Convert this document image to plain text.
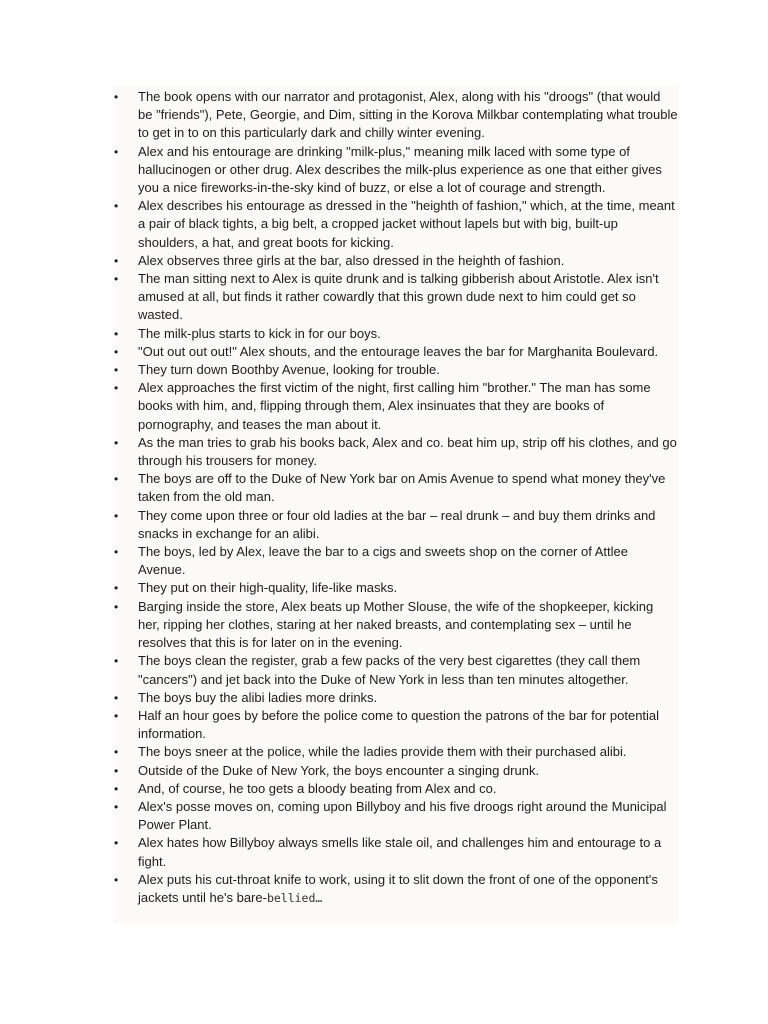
• The book opens with our narrator and protagonist, Alex, along with his "droogs" (that would be "friends"), Pete, Georgie, and Dim, sitting in the Korova Milkbar contemplating what trouble to get in to on this particularly dark and chilly winter evening.
• Alex and his entourage are drinking "milk-plus," meaning milk laced with some type of hallucinogen or other drug. Alex describes the milk-plus experience as one that either gives you a nice fireworks-in-the-sky kind of buzz, or else a lot of courage and strength.
• Alex describes his entourage as dressed in the "heighth of fashion," which, at the time, meant a pair of black tights, a big belt, a cropped jacket without lapels but with big, built-up shoulders, a hat, and great boots for kicking.
• Alex observes three girls at the bar, also dressed in the heighth of fashion.
• The man sitting next to Alex is quite drunk and is talking gibberish about Aristotle. Alex isn't amused at all, but finds it rather cowardly that this grown dude next to him could get so wasted.
• The milk-plus starts to kick in for our boys.
• "Out out out out!" Alex shouts, and the entourage leaves the bar for Marghanita Boulevard.
• They turn down Boothby Avenue, looking for trouble.
• Alex approaches the first victim of the night, first calling him "brother." The man has some books with him, and, flipping through them, Alex insinuates that they are books of pornography, and teases the man about it.
• As the man tries to grab his books back, Alex and co. beat him up, strip off his clothes, and go through his trousers for money.
• The boys are off to the Duke of New York bar on Amis Avenue to spend what money they've taken from the old man.
• They come upon three or four old ladies at the bar – real drunk – and buy them drinks and snacks in exchange for an alibi.
• The boys, led by Alex, leave the bar to a cigs and sweets shop on the corner of Attlee Avenue.
• They put on their high-quality, life-like masks.
• Barging inside the store, Alex beats up Mother Slouse, the wife of the shopkeeper, kicking her, ripping her clothes, staring at her naked breasts, and contemplating sex – until he resolves that this is for later on in the evening.
• The boys clean the register, grab a few packs of the very best cigarettes (they call them "cancers") and jet back into the Duke of New York in less than ten minutes altogether.
• The boys buy the alibi ladies more drinks.
• Half an hour goes by before the police come to question the patrons of the bar for potential information.
• The boys sneer at the police, while the ladies provide them with their purchased alibi.
• Outside of the Duke of New York, the boys encounter a singing drunk.
• And, of course, he too gets a bloody beating from Alex and co.
• Alex's posse moves on, coming upon Billyboy and his five droogs right around the Municipal Power Plant.
• Alex hates how Billyboy always smells like stale oil, and challenges him and entourage to a fight.
• Alex puts his cut-throat knife to work, using it to slit down the front of one of the opponent's jackets until he's bare-bellied…
